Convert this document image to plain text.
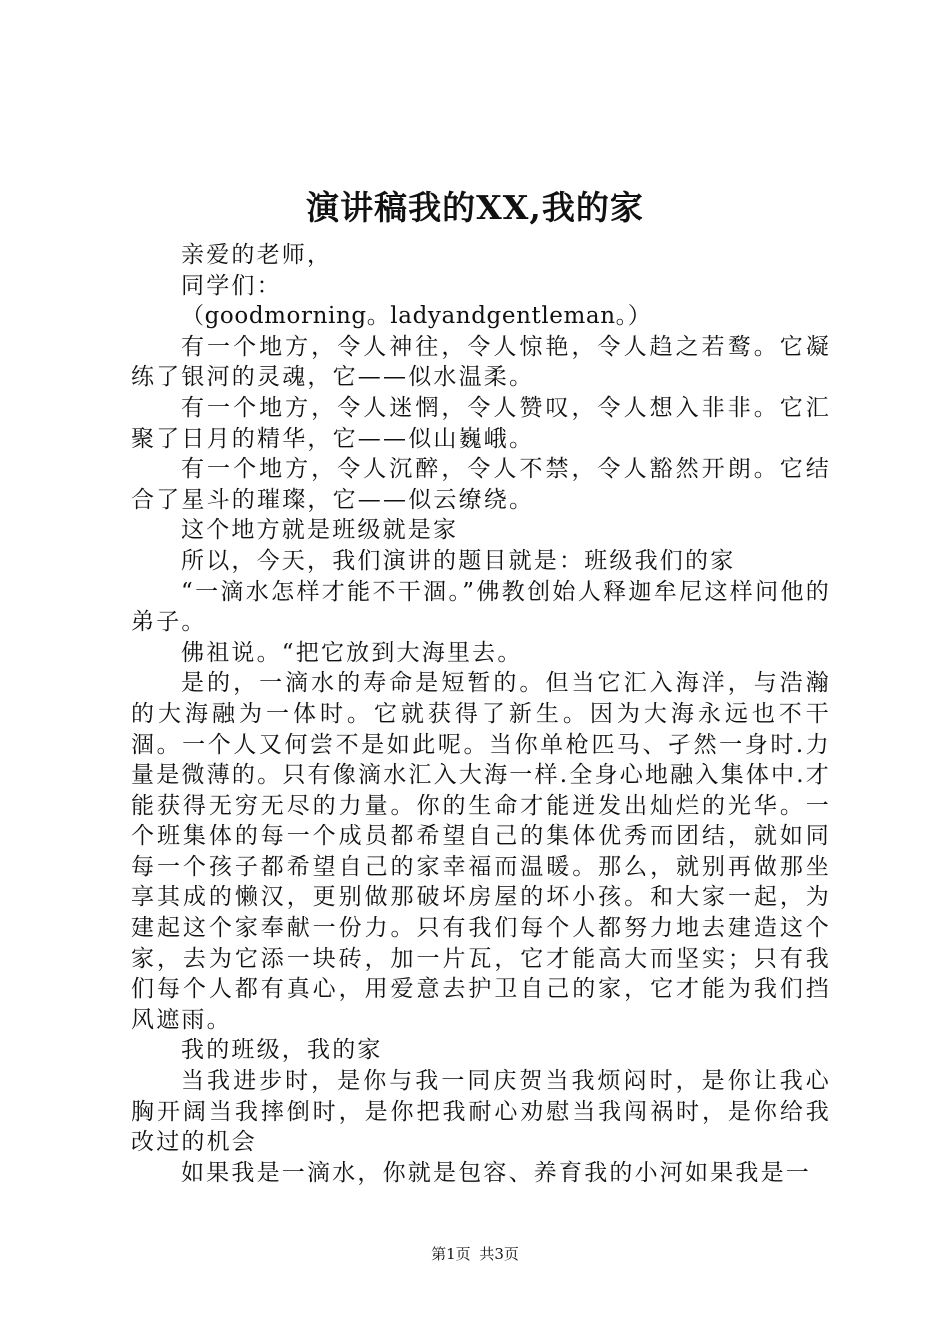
演讲稿我的XX,我的家

亲爱的老师，

同学们：

（goodmorning。ladyandgentleman。）

有一个地方，令人神往，令人惊艳，令人趋之若鹜。它凝练了银河的灵魂，它——似水温柔。

有一个地方，令人迷惘，令人赞叹，令人想入非非。它汇聚了日月的精华，它——似山巍峨。

有一个地方，令人沉醉，令人不禁，令人豁然开朗。它结合了星斗的璀璨，它——似云缭绕。

这个地方就是班级就是家

所以，今天，我们演讲的题目就是：班级我们的家

“一滴水怎样才能不干涸。”佛教创始人释迦牟尼这样问他的弟子。

佛祖说。“把它放到大海里去。

是的，一滴水的寿命是短暂的。但当它汇入海洋，与浩瀚的大海融为一体时。它就获得了新生。因为大海永远也不干涸。一个人又何尝不是如此呢。当你单枪匹马、孑然一身时.力量是微薄的。只有像滴水汇入大海一样.全身心地融入集体中.才能获得无穷无尽的力量。你的生命才能迸发出灿烂的光华。一个班集体的每一个成员都希望自己的集体优秀而团结，就如同每一个孩子都希望自己的家幸福而温暖。那么，就别再做那坐享其成的懒汉，更别做那破坏房屋的坏小孩。和大家一起，为建起这个家奉献一份力。只有我们每个人都努力地去建造这个家，去为它添一块砖，加一片瓦，它才能高大而坚实；只有我们每个人都有真心，用爱意去护卫自己的家，它才能为我们挡风遮雨。

我的班级，我的家

当我进步时，是你与我一同庆贺当我烦闷时，是你让我心胸开阔当我摔倒时，是你把我耐心劝慰当我闯祸时，是你给我改过的机会

如果我是一滴水，你就是包容、养育我的小河如果我是一

第1页 共3页
